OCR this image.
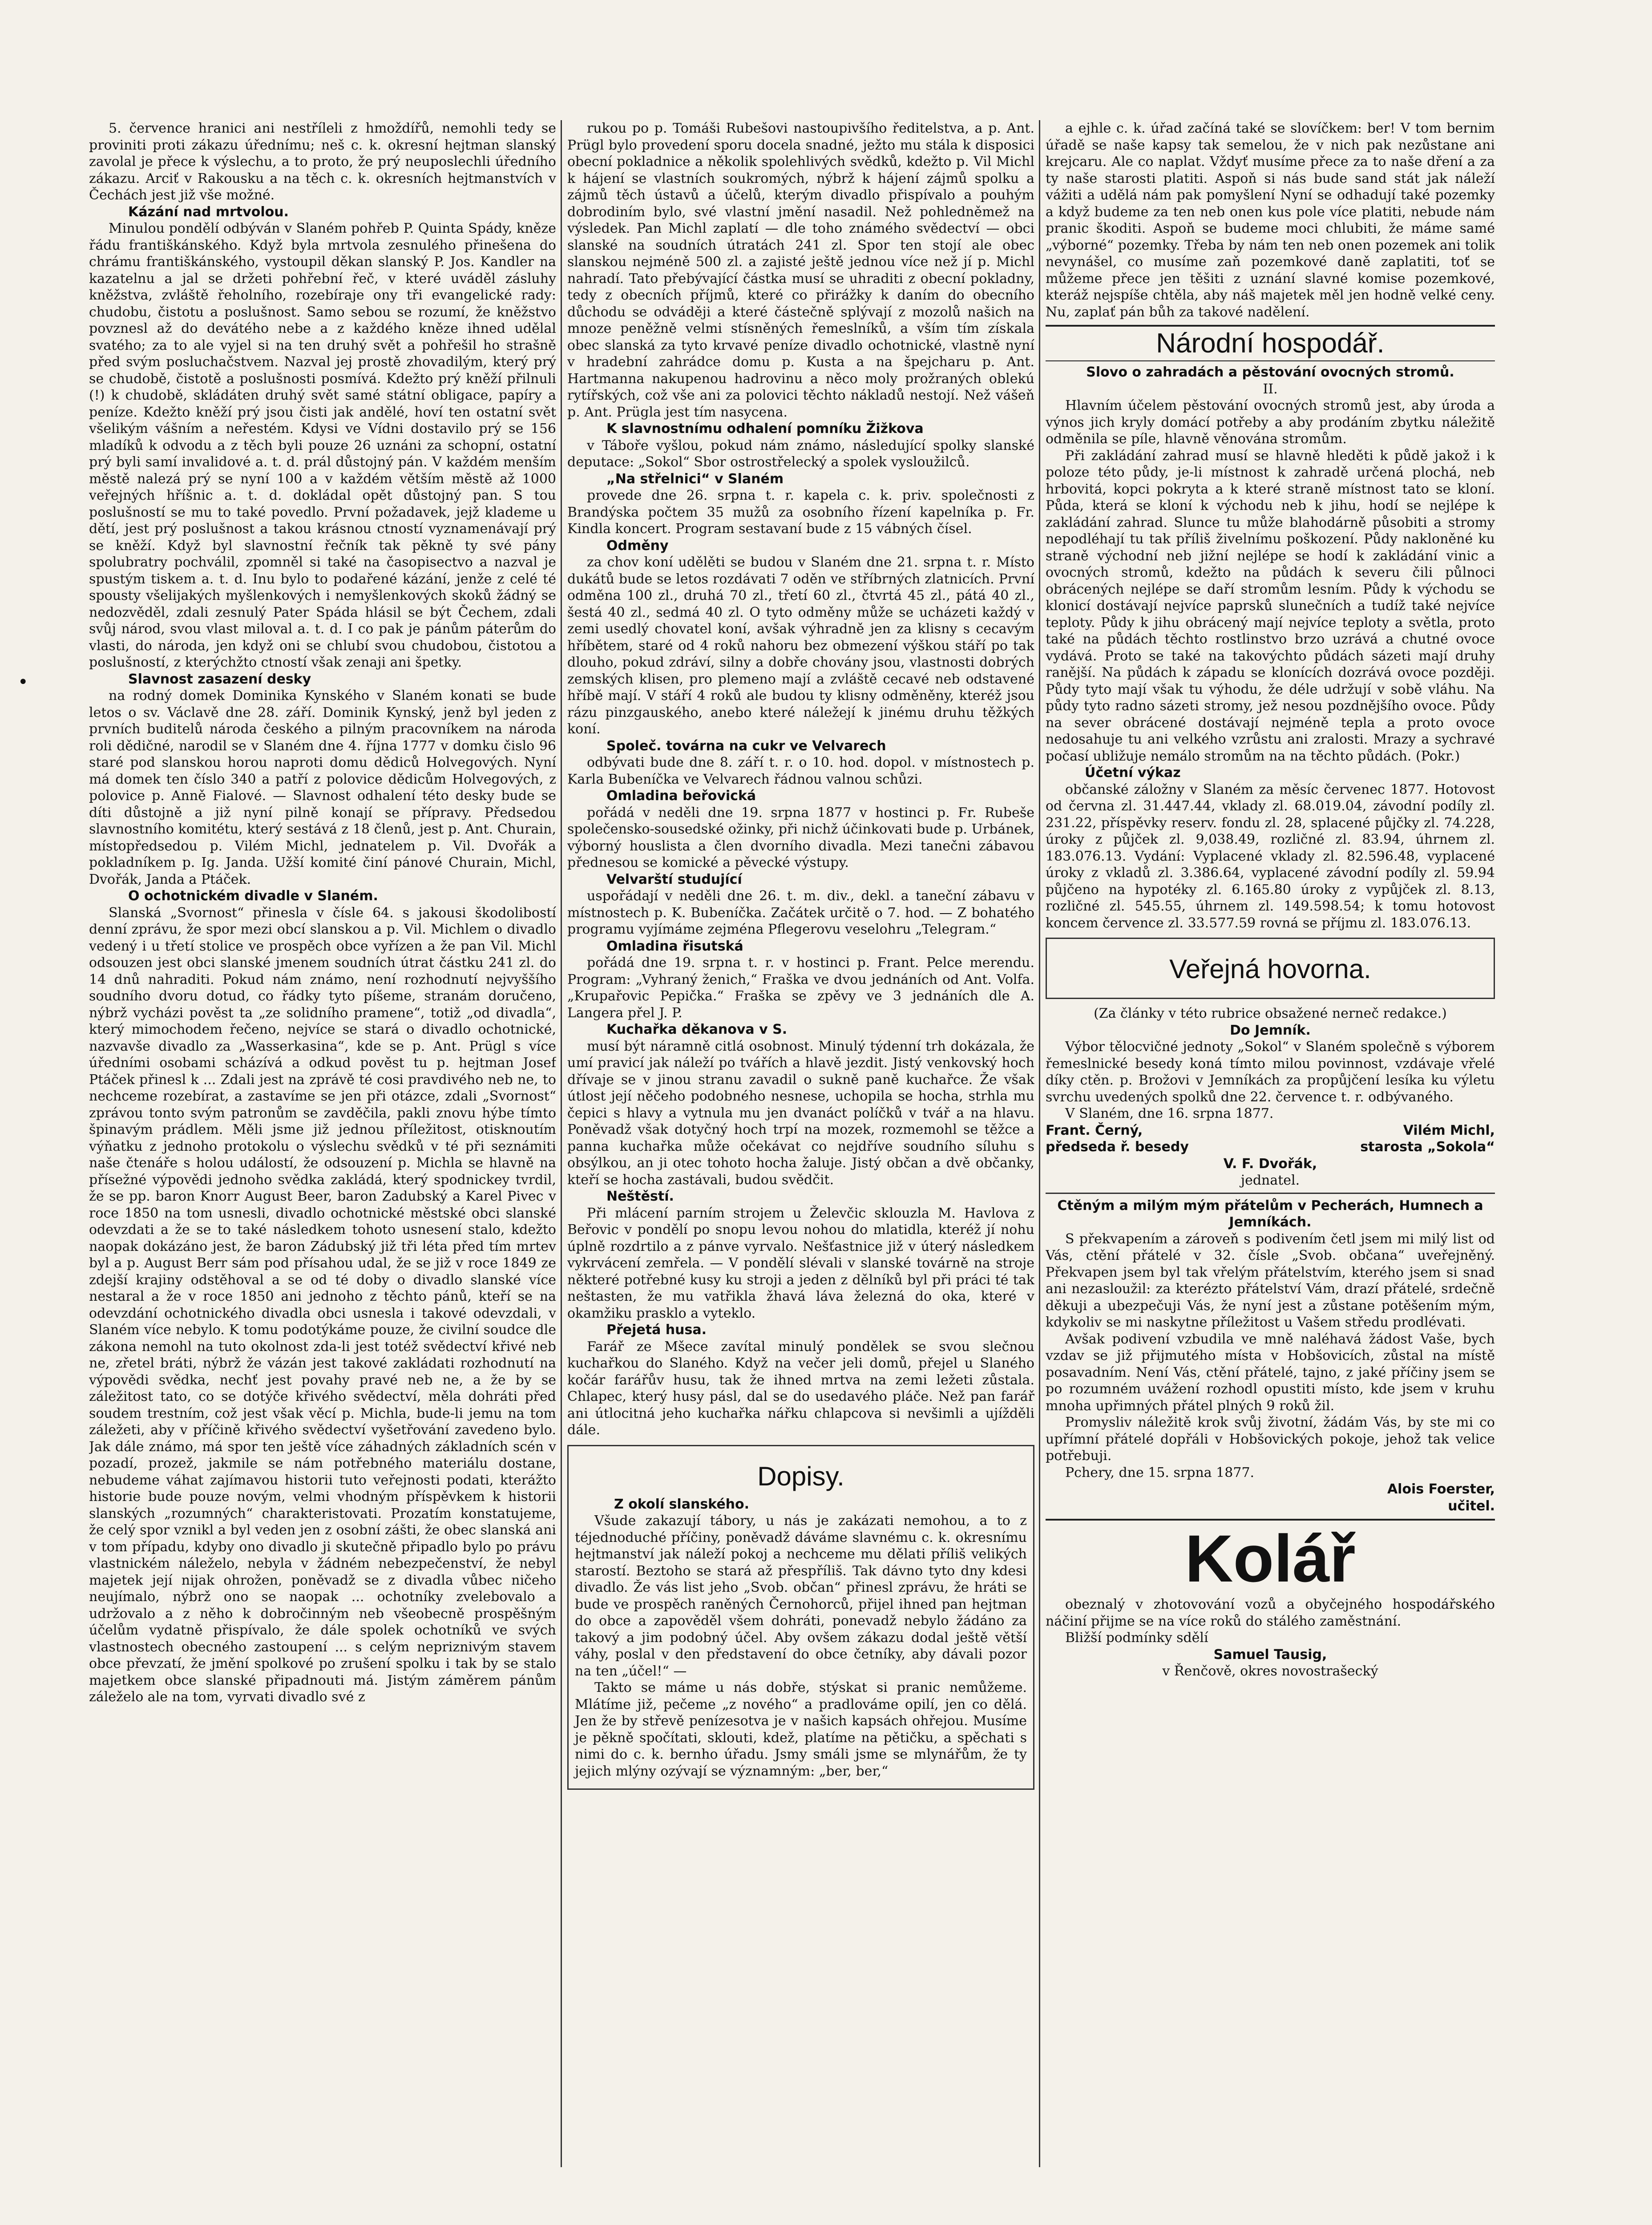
5. července hranici ani nestříleli z hmoždířů, nemohli tedy se proviniti proti zákazu úřednímu; neš c. k. okresní hejtman slanský zavolal je přece k výslechu, a to proto, že prý neuposlechli úředního zákazu. Arciť v Rakousku a na těch c. k. okresních hejtmanstvích v Čechách jest již vše možné.

Kázání nad mrtvolou.

Minulou pondělí odbýván v Slaném pohřeb P. Quinta Spády, kněze řádu františkánského. Když byla mrtvola zesnulého přinešena do chrámu františkánského, vystoupil děkan slanský P. Jos. Kandler na kazatelnu a jal se držeti pohřební řeč, v které uváděl zásluhy kněžstva, zvláště řeholního, rozebíraje ony tři evangelické rady: chudobu, čistotu a poslušnost. Samo sebou se rozumí, že kněžstvo povznesl až do devátého nebe a z každého kněze ihned udělal svatého; za to ale vyjel si na ten druhý svět a pohřešil ho strašně před svým posluchačstvem. Nazval jej prostě zhovadilým, který prý se chudobě, čistotě a poslušnosti posmívá. Kdežto prý kněží přilnuli (!) k chudobě, skládáten druhý svět samé státní obligace, papíry a peníze. Kdežto kněží prý jsou čisti jak andělé, hoví ten ostatní svět všelikým vášním a neřestém. Kdysi ve Vídni dostavilo prý se 156 mladíků k odvodu a z těch byli pouze 26 uznáni za schopní, ostatní prý byli samí invalidové a. t. d. prál důstojný pán. V každém menším městě nalezá prý se nyní 100 a v každém větším městě až 1000 veřejných hříšnic a. t. d. dokládal opět důstojný pan. S tou poslušností se mu to také povedlo. První požadavek, jejž klademe u dětí, jest prý poslušnost a takou krásnou ctností vyznamenávají prý se kněží. Když byl slavnostní řečník tak pěkně ty své pány spolubratry pochválil, zpomněl si také na časopisectvo a nazval je spustým tiskem a. t. d. Inu bylo to podařené kázání, jenže z celé té spousty všelijakých myšlenkových i nemyšlenkových skoků žádný se nedozvěděl, zdali zesnulý Pater Spáda hlásil se být Čechem, zdali svůj národ, svou vlast miloval a. t. d. I co pak je pánům páterům do vlasti, do národa, jen když oni se chlubí svou chudobou, čistotou a poslušností, z kterýchžto ctností však zenaji ani špetky.

Slavnost zasazení desky

na rodný domek Dominika Kynského v Slaném konati se bude letos o sv. Václavě dne 28. září. Dominik Kynský, jenž byl jeden z prvních buditelů národa českého a pilným pracovníkem na národa roli dědičné, narodil se v Slaném dne 4. října 1777 v domku čislo 96 staré pod slanskou horou naproti domu dědiců Holvegových. Nyní má domek ten číslo 340 a patří z polovice dědicům Holvegových, z polovice p. Anně Fialové. — Slavnost odhalení této desky bude se díti důstojně a již nyní pilně konají se přípravy. Předsedou slavnostního komitétu, který sestává z 18 členů, jest p. Ant. Churain, místopředsedou p. Vilém Michl, jednatelem p. Vil. Dvořák a pokladníkem p. Ig. Janda. Užší komité činí pánové Churain, Michl, Dvořák, Janda a Ptáček.

O ochotnickém divadle v Slaném.

Slanská „Svornost“ přinesla v čísle 64. s jakousi škodolibostí denní zprávu, že spor mezi obcí slanskou a p. Vil. Michlem o divadlo vedený i u třetí stolice ve prospěch obce vyřízen a že pan Vil. Michl odsouzen jest obci slanské jmenem soudních útrat částku 241 zl. do 14 dnů nahraditi. Pokud nám známo, není rozhodnutí nejvyššího soudního dvoru dotud, co řádky tyto píšeme, stranám doručeno, nýbrž vycházi pověst ta „ze solidního pramene“, totiž „od divadla“, který mimochodem řečeno, nejvíce se stará o divadlo ochotnické, nazvavše divadlo za „Wasserkasina“, kde se p. Ant. Prügl s více úředními osobami scházívá a odkud pověst tu p. hejtman Josef Ptáček přinesl k ... Zdali jest na zprávě té cosi pravdivého neb ne, to nechceme rozebírat, a zastavíme se jen při otázce, zdali „Svornost“ zprávou tonto svým patronům se zavděčila, pakli znovu hýbe tímto špinavým prádlem. Měli jsme již jednou příležitost, otisknoutím výňatku z jednoho protokolu o výslechu svědků v té při seznámiti naše čtenáře s holou událostí, že odsouzení p. Michla se hlavně na přísežné výpovědi jednoho svědka zakládá, který spodnickey tvrdil, že se pp. baron Knorr August Beer, baron Zadubský a Karel Pivec v roce 1850 na tom usnesli, divadlo ochotnické městské obci slanské odevzdati a že se to také následkem tohoto usnesení stalo, kdežto naopak dokázáno jest, že baron Zádubský již tři léta před tím mrtev byl a p. August Berr sám pod přísahou udal, že se již v roce 1849 ze zdejší krajiny odstěhoval a se od té doby o divadlo slanské více nestaral a že v roce 1850 ani jednoho z těchto pánů, kteří se na odevzdání ochotnického divadla obci usnesla i takové odevzdali, v Slaném více nebylo. K tomu podotýkáme pouze, že civilní soudce dle zákona nemohl na tuto okolnost zda-li jest totéž svědectví křivé neb ne, zřetel bráti, nýbrž že vázán jest takové zakládati rozhodnutí na výpovědi svědka, nechť jest povahy pravé neb ne, a že by se záležitost tato, co se dotýče křivého svědectví, měla dohráti před soudem trestním, což jest však věcí p. Michla, bude-li jemu na tom záležeti, aby v příčině křivého svědectví vyšetřování zavedeno bylo. Jak dále známo, má spor ten ještě více záhadných základních scén v pozadí, prozež, jakmile se nám potřebného materiálu dostane, nebudeme váhat zajímavou historii tuto veřejnosti podati, kterážto historie bude pouze novým, velmi vhodným příspěvkem k historii slanských „rozumných“ charakteristovati. Prozatím konstatujeme, že celý spor vznikl a byl veden jen z osobní zášti, že obec slanská ani v tom případu, kdyby ono divadlo ji skutečně připadlo bylo po právu vlastnickém náleželo, nebyla v žádném nebezpečenství, že nebyl majetek její nijak ohrožen, poněvadž se z divadla vůbec ničeho neujímalo, nýbrž ono se naopak ... ochotníky zvelebovalo a udržovalo a z něho k dobročinným neb všeobecně prospěšným účelům vydatně přispívalo, že dále spolek ochotníků ve svých vlastnostech obecného zastoupení ... s celým nepriznivým stavem obce převzatí, že jmění spolkové po zrušení spolku i tak by se stalo majetkem obce slanské připadnouti má. Jistým záměrem pánům záleželo ale na tom, vyrvati divadlo své z

rukou po p. Tomáši Rubešovi nastoupivšího ředitelstva, a p. Ant. Prügl bylo provedení sporu docela snadné, ježto mu stála k disposici obecní pokladnice a několik spolehlivých svědků, kdežto p. Vil Michl k hájení se vlastních soukromých, nýbrž k hájení zájmů spolku a zájmů těch ústavů a účelů, kterým divadlo přispívalo a pouhým dobrodiním bylo, své vlastní jmění nasadil. Než pohledněmež na výsledek. Pan Michl zaplatí — dle toho známého svědectví — obci slanské na soudních útratách 241 zl. Spor ten stojí ale obec slanskou nejméně 500 zl. a zajisté ještě jednou více než jí p. Michl nahradí. Tato přebývající částka musí se uhraditi z obecní pokladny, tedy z obecních příjmů, které co přirážky k daním do obecního důchodu se odváději a které částečně splývají z mozolů našich na mnoze peněžně velmi stísněných řemeslníků, a vším tím získala obec slanská za tyto krvavé peníze divadlo ochotnické, vlastně nyní v hradební zahrádce domu p. Kusta a na špejcharu p. Ant. Hartmanna nakupenou hadrovinu a něco moly prožraných oblekú rytířských, což vše ani za polovici těchto nákladů nestojí. Než vášeň p. Ant. Prügla jest tím nasycena.

K slavnostnímu odhalení pomníku Žižkova

v Táboře vyšlou, pokud nám známo, následující spolky slanské deputace: „Sokol“ Sbor ostrostřelecký a spolek vysloužilců.

„Na střelnici“ v Slaném

provede dne 26. srpna t. r. kapela c. k. priv. společnosti z Brandýska počtem 35 mužů za osobního řízení kapelníka p. Fr. Kindla koncert. Program sestavaní bude z 15 vábných čísel.

Odměny

za chov koní udělěti se budou v Slaném dne 21. srpna t. r. Místo dukátů bude se letos rozdávati 7 oděn ve stříbrných zlatnicích. První odměna 100 zl., druhá 70 zl., třetí 60 zl., čtvrtá 45 zl., pátá 40 zl., šestá 40 zl., sedmá 40 zl. O tyto odměny může se ucházeti každý v zemi usedlý chovatel koní, avšak výhradně jen za klisny s cecavým hříbětem, staré od 4 roků nahoru bez obmezení výškou stáří po tak dlouho, pokud zdráví, silny a dobře chovány jsou, vlastnosti dobrých zemských klisen, pro plemeno mají a zvláště cecavé neb odstavené hříbě mají. V stáří 4 roků ale budou ty klisny odměněny, kteréž jsou rázu pinzgauského, anebo které náležejí k jinému druhu těžkých koní.

Společ. továrna na cukr ve Velvarech

odbývati bude dne 8. září t. r. o 10. hod. dopol. v místnostech p. Karla Bubeníčka ve Velvarech řádnou valnou schůzi.

Omladina beřovická

pořádá v neděli dne 19. srpna 1877 v hostinci p. Fr. Rubeše společensko-sousedské ožinky, při nichž účinkovati bude p. Urbánek, výborný houslista a člen dvorního divadla. Mezi tanečni zábavou přednesou se komické a pěvecké výstupy.

Velvarští studující

uspořádají v neděli dne 26. t. m. div., dekl. a taneční zábavu v místnostech p. K. Bubeníčka. Začátek určitě o 7. hod. — Z bohatého programu vyjímáme zejména Pflegerovu veselohru „Telegram.“

Omladina řisutská

pořádá dne 19. srpna t. r. v hostinci p. Frant. Pelce merendu. Program: „Vyhraný ženich,“ Fraška ve dvou jednáních od Ant. Volfa. „Krupařovic Pepička.“ Fraška se zpěvy ve 3 jednáních dle A. Langera přel J. P.

Kuchařka děkanova v S.

musí být náramně citlá osobnost. Minulý týdenní trh dokázala, že umí pravicí jak náleží po tvářích a hlavě jezdit. Jistý venkovský hoch dřívaje se v jinou stranu zavadil o sukně paně kuchařce. Že však útlost její něčeho podobného nesnese, uchopila se hocha, strhla mu čepici s hlavy a vytnula mu jen dvanáct políčků v tvář a na hlavu. Poněvadž však dotyčný hoch trpí na mozek, rozmemohl se těžce a panna kuchařka může očekávat co nejdříve soudního síluhu s obsýlkou, an ji otec tohoto hocha žaluje. Jistý občan a dvě občanky, kteří se hocha zastávali, budou svědčit.

Neštěstí.

Při mlácení parním strojem u Želevčic sklouzla M. Havlova z Beřovic v pondělí po snopu levou nohou do mlatidla, kteréž jí nohu úplně rozdrtilo a z pánve vyrvalo. Nešťastnice již v úterý následkem vykrvácení zemřela. — V pondělí slévali v slanské továrně na stroje některé potřebné kusy ku stroji a jeden z dělníků byl při práci té tak neštasten, že mu vatřikla žhavá láva železná do oka, které v okamžiku prasklo a vyteklo.

Přejetá husa.

Farář ze Mšece zavítal minulý pondělek se svou slečnou kuchařkou do Slaného. Když na večer jeli domů, přejel u Slaného kočár farářův husu, tak že ihned mrtva na zemi ležeti zůstala. Chlapec, který husy pásl, dal se do usedavého pláče. Než pan farář ani útlocitná jeho kuchařka nářku chlapcova si nevšimli a ujížděli dále.

Dopisy.

Z okolí slanského.

Všude zakazují tábory, u nás je zakázati nemohou, a to z téjednoduché příčiny, poněvadž dáváme slavnému c. k. okresnímu hejtmanství jak náleží pokoj a nechceme mu dělati příliš velikých starostí. Beztoho se stará až přespříliš. Tak dávno tyto dny kdesi divadlo. Že vás list jeho „Svob. občan“ přinesl zprávu, že hráti se bude ve prospěch raněných Černohorců, přijel ihned pan hejtman do obce a zapověděl všem dohráti, ponevadž nebylo žádáno za takový a jim podobný účel. Aby ovšem zákazu dodal ještě větší váhy, poslal v den představení do obce četníky, aby dávali pozor na ten „účel!“ —

Takto se máme u nás dobře, stýskat si pranic nemůžeme. Mlátíme již, pečeme „z nového“ a pradlováme opilí, jen co dělá. Jen že by střevě penízesotva je v našich kapsách ohřejou. Musíme je pěkně spočítati, sklouti, kdež, platíme na pětičku, a spěchati s nimi do c. k. bernho úřadu. Jsmy smáli jsme se mlynářům, že ty jejich mlýny ozývají se významným: „ber, ber,“

a ejhle c. k. úřad začíná také se slovíčkem: ber! V tom bernim úřadě se naše kapsy tak semelou, že v nich pak nezůstane ani krejcaru. Ale co naplat. Vždyť musíme přece za to naše dření a za ty naše starosti platiti. Aspoň si nás bude sand stát jak náleží vážiti a udělá nám pak pomyšlení Nyní se odhadují také pozemky a když budeme za ten neb onen kus pole více platiti, nebude nám pranic škoditi. Aspoň se budeme moci chlubiti, že máme samé „výborné“ pozemky. Třeba by nám ten neb onen pozemek ani tolik nevynášel, co musíme zaň pozemkové daně zaplatiti, toť se můžeme přece jen těšiti z uznání slavné komise pozemkové, kteráž nejspíše chtěla, aby náš majetek měl jen hodně velké ceny. Nu, zaplať pán bůh za takové nadělení.

Národní hospodář.

Slovo o zahradách a pěstování ovocných stromů.

II.

Hlavním účelem pěstování ovocných stromů jest, aby úroda a výnos jich kryly domácí potřeby a aby prodáním zbytku náležitě odměnila se píle, hlavně věnována stromům.

Při zakládání zahrad musí se hlavně hleděti k půdě jakož i k poloze této půdy, je-li místnost k zahradě určená plochá, neb hrbovitá, kopci pokryta a k které straně místnost tato se kloní. Půda, která se kloní k východu neb k jihu, hodí se nejlépe k zakládání zahrad. Slunce tu může blahodárně působiti a stromy nepodléhají tu tak příliš živelnímu poškození. Půdy nakloněné ku straně východní neb jižní nejlépe se hodí k zakládání vinic a ovocných stromů, kdežto na půdách k severu čili půlnoci obrácených nejlépe se daří stromům lesním. Půdy k východu se klonicí dostávají nejvíce paprsků slunečních a tudíž také nejvíce teploty. Půdy k jihu obrácený mají nejvíce teploty a světla, proto také na půdách těchto rostlinstvo brzo uzrává a chutné ovoce vydává. Proto se také na takovýchto půdách sázeti mají druhy ranější. Na půdách k západu se klonících dozrává ovoce později. Půdy tyto mají však tu výhodu, že déle udržují v sobě vláhu. Na půdy tyto radno sázeti stromy, jež nesou pozdnějšího ovoce. Půdy na sever obrácené dostávají nejméně tepla a proto ovoce nedosahuje tu ani velkého vzrůstu ani zralosti. Mrazy a sychravé počasí ubližuje nemálo stromům na na těchto půdách. (Pokr.)

Účetní výkaz

občanské záložny v Slaném za měsíc červenec 1877. Hotovost od června zl. 31.447.44, vklady zl. 68.019.04, závodní podíly zl. 231.22, příspěvky reserv. fondu zl. 28, splacené půjčky zl. 74.228, úroky z půjček zl. 9,038.49, rozličné zl. 83.94, úhrnem zl. 183.076.13. Vydání: Vyplacené vklady zl. 82.596.48, vyplacené úroky z vkladů zl. 3.386.64, vyplacené závodní podíly zl. 59.94 půjčeno na hypotéky zl. 6.165.80 úroky z vypůjček zl. 8.13, rozličné zl. 545.55, úhrnem zl. 149.598.54; k tomu hotovost koncem července zl. 33.577.59 rovná se příjmu zl. 183.076.13.

Veřejná hovorna.

(Za články v této rubrice obsažené nerneč redakce.)

Do Jemník.

Výbor tělocvičné jednoty „Sokol“ v Slaném společně s výborem řemeslnické besedy koná tímto milou povinnost, vzdávaje vřelé díky ctěn. p. Brožovi v Jemníkách za propůjčení lesíka ku výletu svrchu uvedených spolků dne 22. července t. r. odbývaného.

V Slaném, dne 16. srpna 1877.

Frant. Černý,	Vilém Michl,
předseda ř. besedy	starosta „Sokola“

V. F. Dvořák,

jednatel.

Ctěným a milým mým přátelům v Pecherách, Humnech a Jemníkách.

S překvapením a zároveň s podivením četl jsem mi milý list od Vás, ctění přátelé v 32. čísle „Svob. občana“ uveřejněný. Překvapen jsem byl tak vřelým přátelstvím, kterého jsem si snad ani nezasloužil: za kterézto přátelství Vám, drazí přátelé, srdečně děkuji a ubezpečuji Vás, že nyní jest a zůstane potěšením mým, kdykoliv se mi naskytne příležitost u Vašem středu prodlévati.

Avšak podivení vzbudila ve mně naléhavá žádost Vaše, bych vzdav se již přijmutého místa v Hobšovicích, zůstal na místě posavadním. Není Vás, ctění přátelé, tajno, z jaké příčiny jsem se po rozumném uvážení rozhodl opustiti místo, kde jsem v kruhu mnoha upřimných přátel plných 9 roků žil.

Promysliv náležitě krok svůj životní, žádám Vás, by ste mi co upřímní přátelé dopřáli v Hobšovických pokoje, jehož tak velice potřebuji.

Pchery, dne 15. srpna 1877.

Alois Foerster,

učitel.

Kolář

obeznalý v zhotovování vozů a obyčejného hospodářského náčiní přijme se na více roků do stálého zaměstnání.

Bližší podmínky sdělí

Samuel Tausig,

v Řenčově, okres novostrašecký

•
